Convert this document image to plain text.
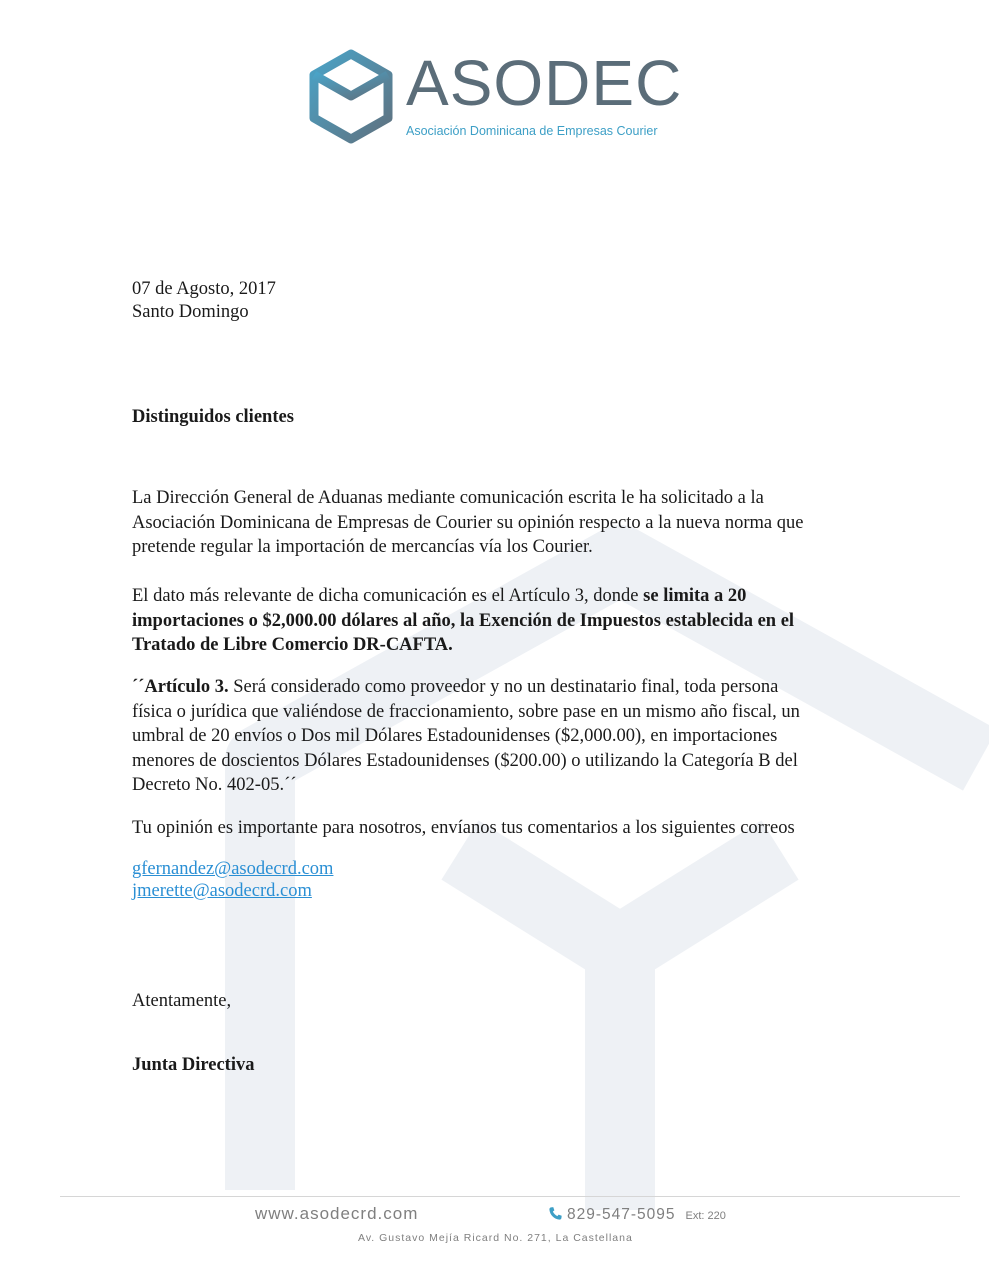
ASODEC
Asociación Dominicana de Empresas Courier
07 de Agosto, 2017
Santo Domingo
Distinguidos clientes

La Dirección General de Aduanas mediante comunicación escrita le ha solicitado a la
Asociación Dominicana de Empresas de Courier su opinión respecto a la nueva norma que
pretende regular la importación de mercancías vía los Courier.

El dato más relevante de dicha comunicación es el Artículo 3, donde se limita a 20
importaciones o $2,000.00 dólares al año, la Exención de Impuestos establecida en el
Tratado de Libre Comercio DR-CAFTA.

´´Artículo 3. Será considerado como proveedor y no un destinatario final, toda persona
física o jurídica que valiéndose de fraccionamiento, sobre pase en un mismo año fiscal, un
umbral de 20 envíos o Dos mil Dólares Estadounidenses ($2,000.00), en importaciones
menores de doscientos Dólares Estadounidenses ($200.00) o utilizando la Categoría B del
Decreto No. 402-05.´´

Tu opinión es importante para nosotros, envíanos tus comentarios a los siguientes correos
gfernandez@asodecrd.com
jmerette@asodecrd.com
Atentamente,
Junta Directiva
www.asodecrd.com	829-547-5095 Ext: 220
Av. Gustavo Mejía Ricard No. 271, La Castellana
